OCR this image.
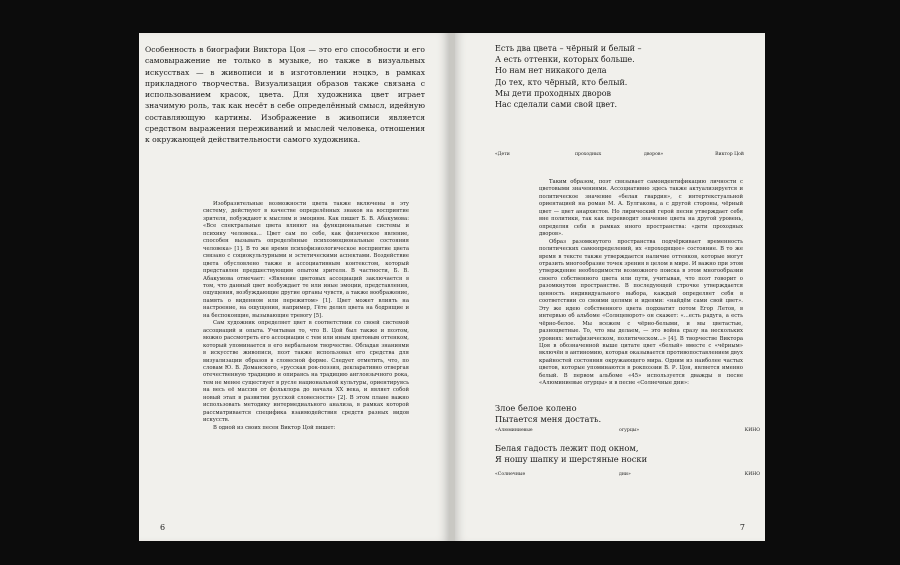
Особенность в биографии Виктора Цоя — это его способности и его самовыражение не только в музыке, но также в визуальных искусствах — в живописи и в изготовлении нэцкэ, в рамках прикладного творчества. Визуализация образов также связана с использованием красок, цвета. Для художника цвет играет значимую роль, так как несёт в себе определённый смысл, идейную составляющую картины. Изображение в живописи является средством выражения переживаний и мыслей человека, отношения к окружающей действительности самого художника.

Изобразительные возможности цвета также включены в эту систему, действуют в качестве определённых знаков на восприятие зрителя, побуждают к мыслям и эмоциям. Как пишет Б. В. Абакумова: «Все спектральные цвета влияют на функциональные системы и психику человека... Цвет сам по себе, как физическое явление, способен вызывать определённые психоэмоциональные состояния человека» [1]. В то же время психофизиологическое восприятие цвета связано с социокультурными и эстетическими аспектами. Воздействие цвета обусловлено также и ассоциативным контекстом, который представлен предшествующим опытом зрителя. В частности, Б. В. Абакумова отмечает: «Явление цветовых ассоциаций заключается в том, что данный цвет возбуждает те или иные эмоции, представления, ощущения, возбуждающие другие органы чувств, а также воображение, память о виденном или пережитом» [1]. Цвет может влиять на настроение, на ощущения, например, Гёте делил цвета на бодрящие и на беспокоящие, вызывающие тревогу [5].

Сам художник определяет цвет в соответствии со своей системой ассоциаций и опыта. Учитывая то, что В. Цой был также и поэтом, можно рассмотреть его ассоциации с тем или иным цветовым оттенком, который упоминается в его вербальном творчестве. Обладая знаниями в искусстве живописи, поэт также использовал его средства для визуализации образов в словесной форме. Следует отметить, что, по словам Ю. В. Доманского, «русская рок-поэзия, декларативно отвергая отечественную традицию и опираясь на традицию англоязычного рока, тем не менее существует в русле национальной культуры, ориентируясь на весь её массив от фольклора до начала XX века, и являет собой новый этап в развитии русской словесности» [2]. В этом плане важно использовать методику интермедиального анализа, в рамках которой рассматривается специфика взаимодействия средств разных видов искусств.

В одной из своих песен Виктор Цой пишет:

6
Есть два цвета – чёрный и белый –
А есть оттенки, которых больше.
Но нам нет никакого дела
До тех, кто чёрный, кто белый.
Мы дети проходных дворов
Нас сделали сами свой цвет.
«Дети	проходных	дворов»	Виктор Цой

Таким образом, поэт связывает самоидентификацию личности с цветовыми значениями. Ассоциативно здесь также актуализируется и политическое значение «белая гвардия», с интертекстуальной ориентацией на роман М. А. Булгакова, а с другой стороны, чёрный цвет — цвет анархистов. Но лирический герой песни утверждает себя вне политики, так как перевводит значение цвета на другой уровень, определяя себя в рамках иного пространства: «дети проходных дворов».

Образ разомкнутого пространства подчёркивает временность политических самоопределений, их «проходящее» состояние. В то же время в тексте также утверждается наличие оттенков, которые могут отразить многообразие точек зрения в целом в мире. И важно при этом утверждение необходимости возможного поиска в этом многообразии своего собственного цвета или пути, учитывая, что поэт говорит о разомкнутом пространстве. В последующей строчке утверждается ценность индивидуального выбора, каждый определяет себя в соответствии со своими целями и идеями: «найдём сами свой цвет». Эту же идею собственного цвета подхватит потом Егор Летов, в интервью об альбоме «Солнцеворот» он скажет: «...есть радуга, а есть чёрно-белое. Мы всежем с чёрно-белыми, и мы цветастые, разноцветные. То, что мы делаем, — это война сразу на нескольких уровнях: метафизическом, политическом...» [4]. В творчестве Виктора Цоя в обозначенной выше цитате цвет «белый» вместе с «чёрным» включён в антиномию, которая оказывается противопоставлением двух крайностей состояния окружающего мира. Одним из наиболее частых цветов, которые упоминаются в рокпоэзии В. Р. Цоя, является именно белый. В первом альбоме «45» используется дважды в песне «Алюминиевые огурцы» и в песне «Солнечные дни»:

Злое белое колено
Пытается меня достать.
«Алюминиевые	огурцы»	КИНО
Белая гадость лежит под окном,
Я ношу шапку и шерстяные носки
«Солнечные	дни»	КИНО
7
